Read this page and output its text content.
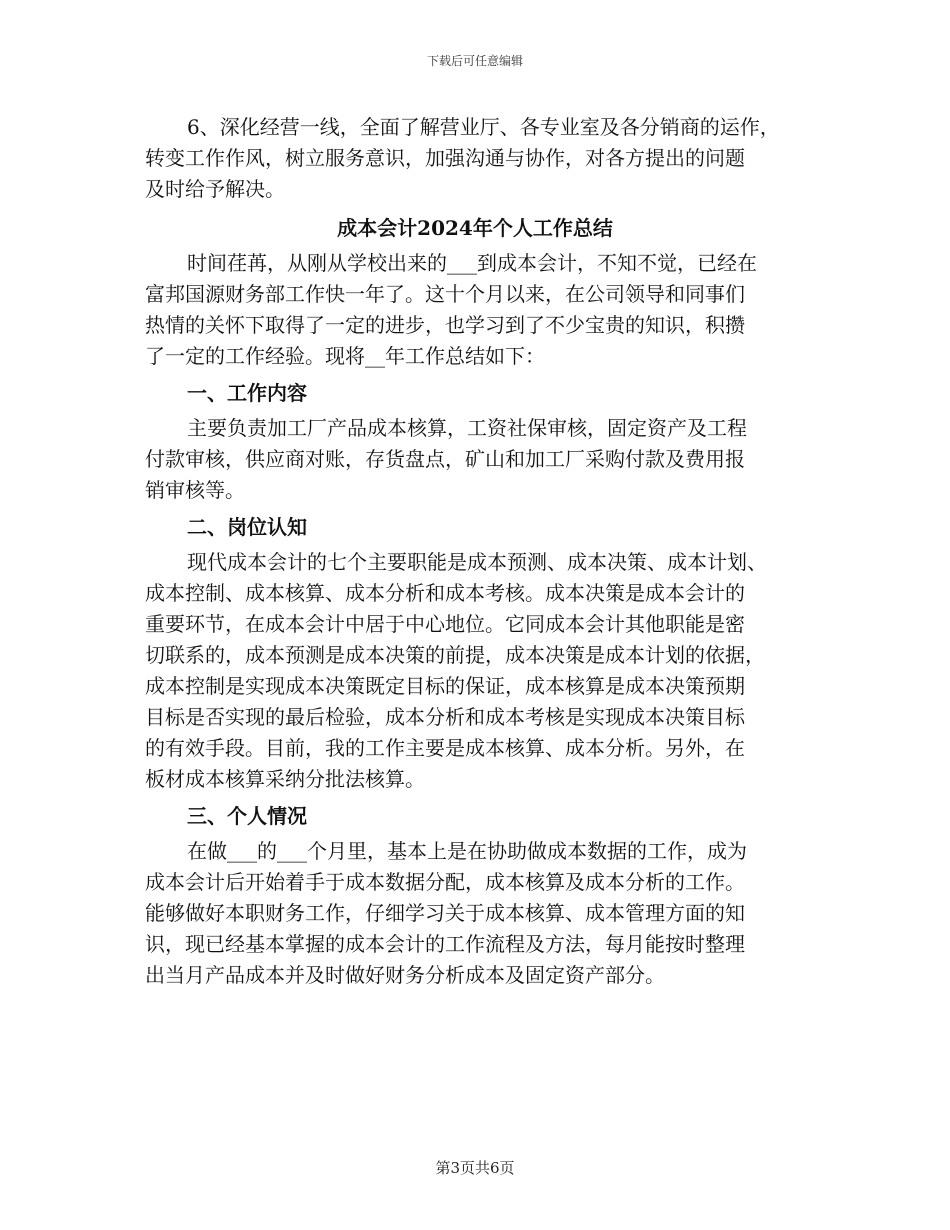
下载后可任意编辑
6、深化经营一线，全面了解营业厅、各专业室及各分销商的运作，
转变工作作风，树立服务意识，加强沟通与协作，对各方提出的问题
及时给予解决。
成本会计2024年个人工作总结
时间荏苒，从刚从学校出来的___到成本会计，不知不觉，已经在
富邦国源财务部工作快一年了。这十个月以来，在公司领导和同事们
热情的关怀下取得了一定的进步，也学习到了不少宝贵的知识，积攒
了一定的工作经验。现将__年工作总结如下：
一、工作内容
主要负责加工厂产品成本核算，工资社保审核，固定资产及工程
付款审核，供应商对账，存货盘点，矿山和加工厂采购付款及费用报
销审核等。
二、岗位认知
现代成本会计的七个主要职能是成本预测、成本决策、成本计划、
成本控制、成本核算、成本分析和成本考核。成本决策是成本会计的
重要环节，在成本会计中居于中心地位。它同成本会计其他职能是密
切联系的，成本预测是成本决策的前提，成本决策是成本计划的依据，
成本控制是实现成本决策既定目标的保证，成本核算是成本决策预期
目标是否实现的最后检验，成本分析和成本考核是实现成本决策目标
的有效手段。目前，我的工作主要是成本核算、成本分析。另外，在
板材成本核算采纳分批法核算。
三、个人情况
在做___的___个月里，基本上是在协助做成本数据的工作，成为
成本会计后开始着手于成本数据分配，成本核算及成本分析的工作。
能够做好本职财务工作，仔细学习关于成本核算、成本管理方面的知
识，现已经基本掌握的成本会计的工作流程及方法，每月能按时整理
出当月产品成本并及时做好财务分析成本及固定资产部分。
第3页共6页
